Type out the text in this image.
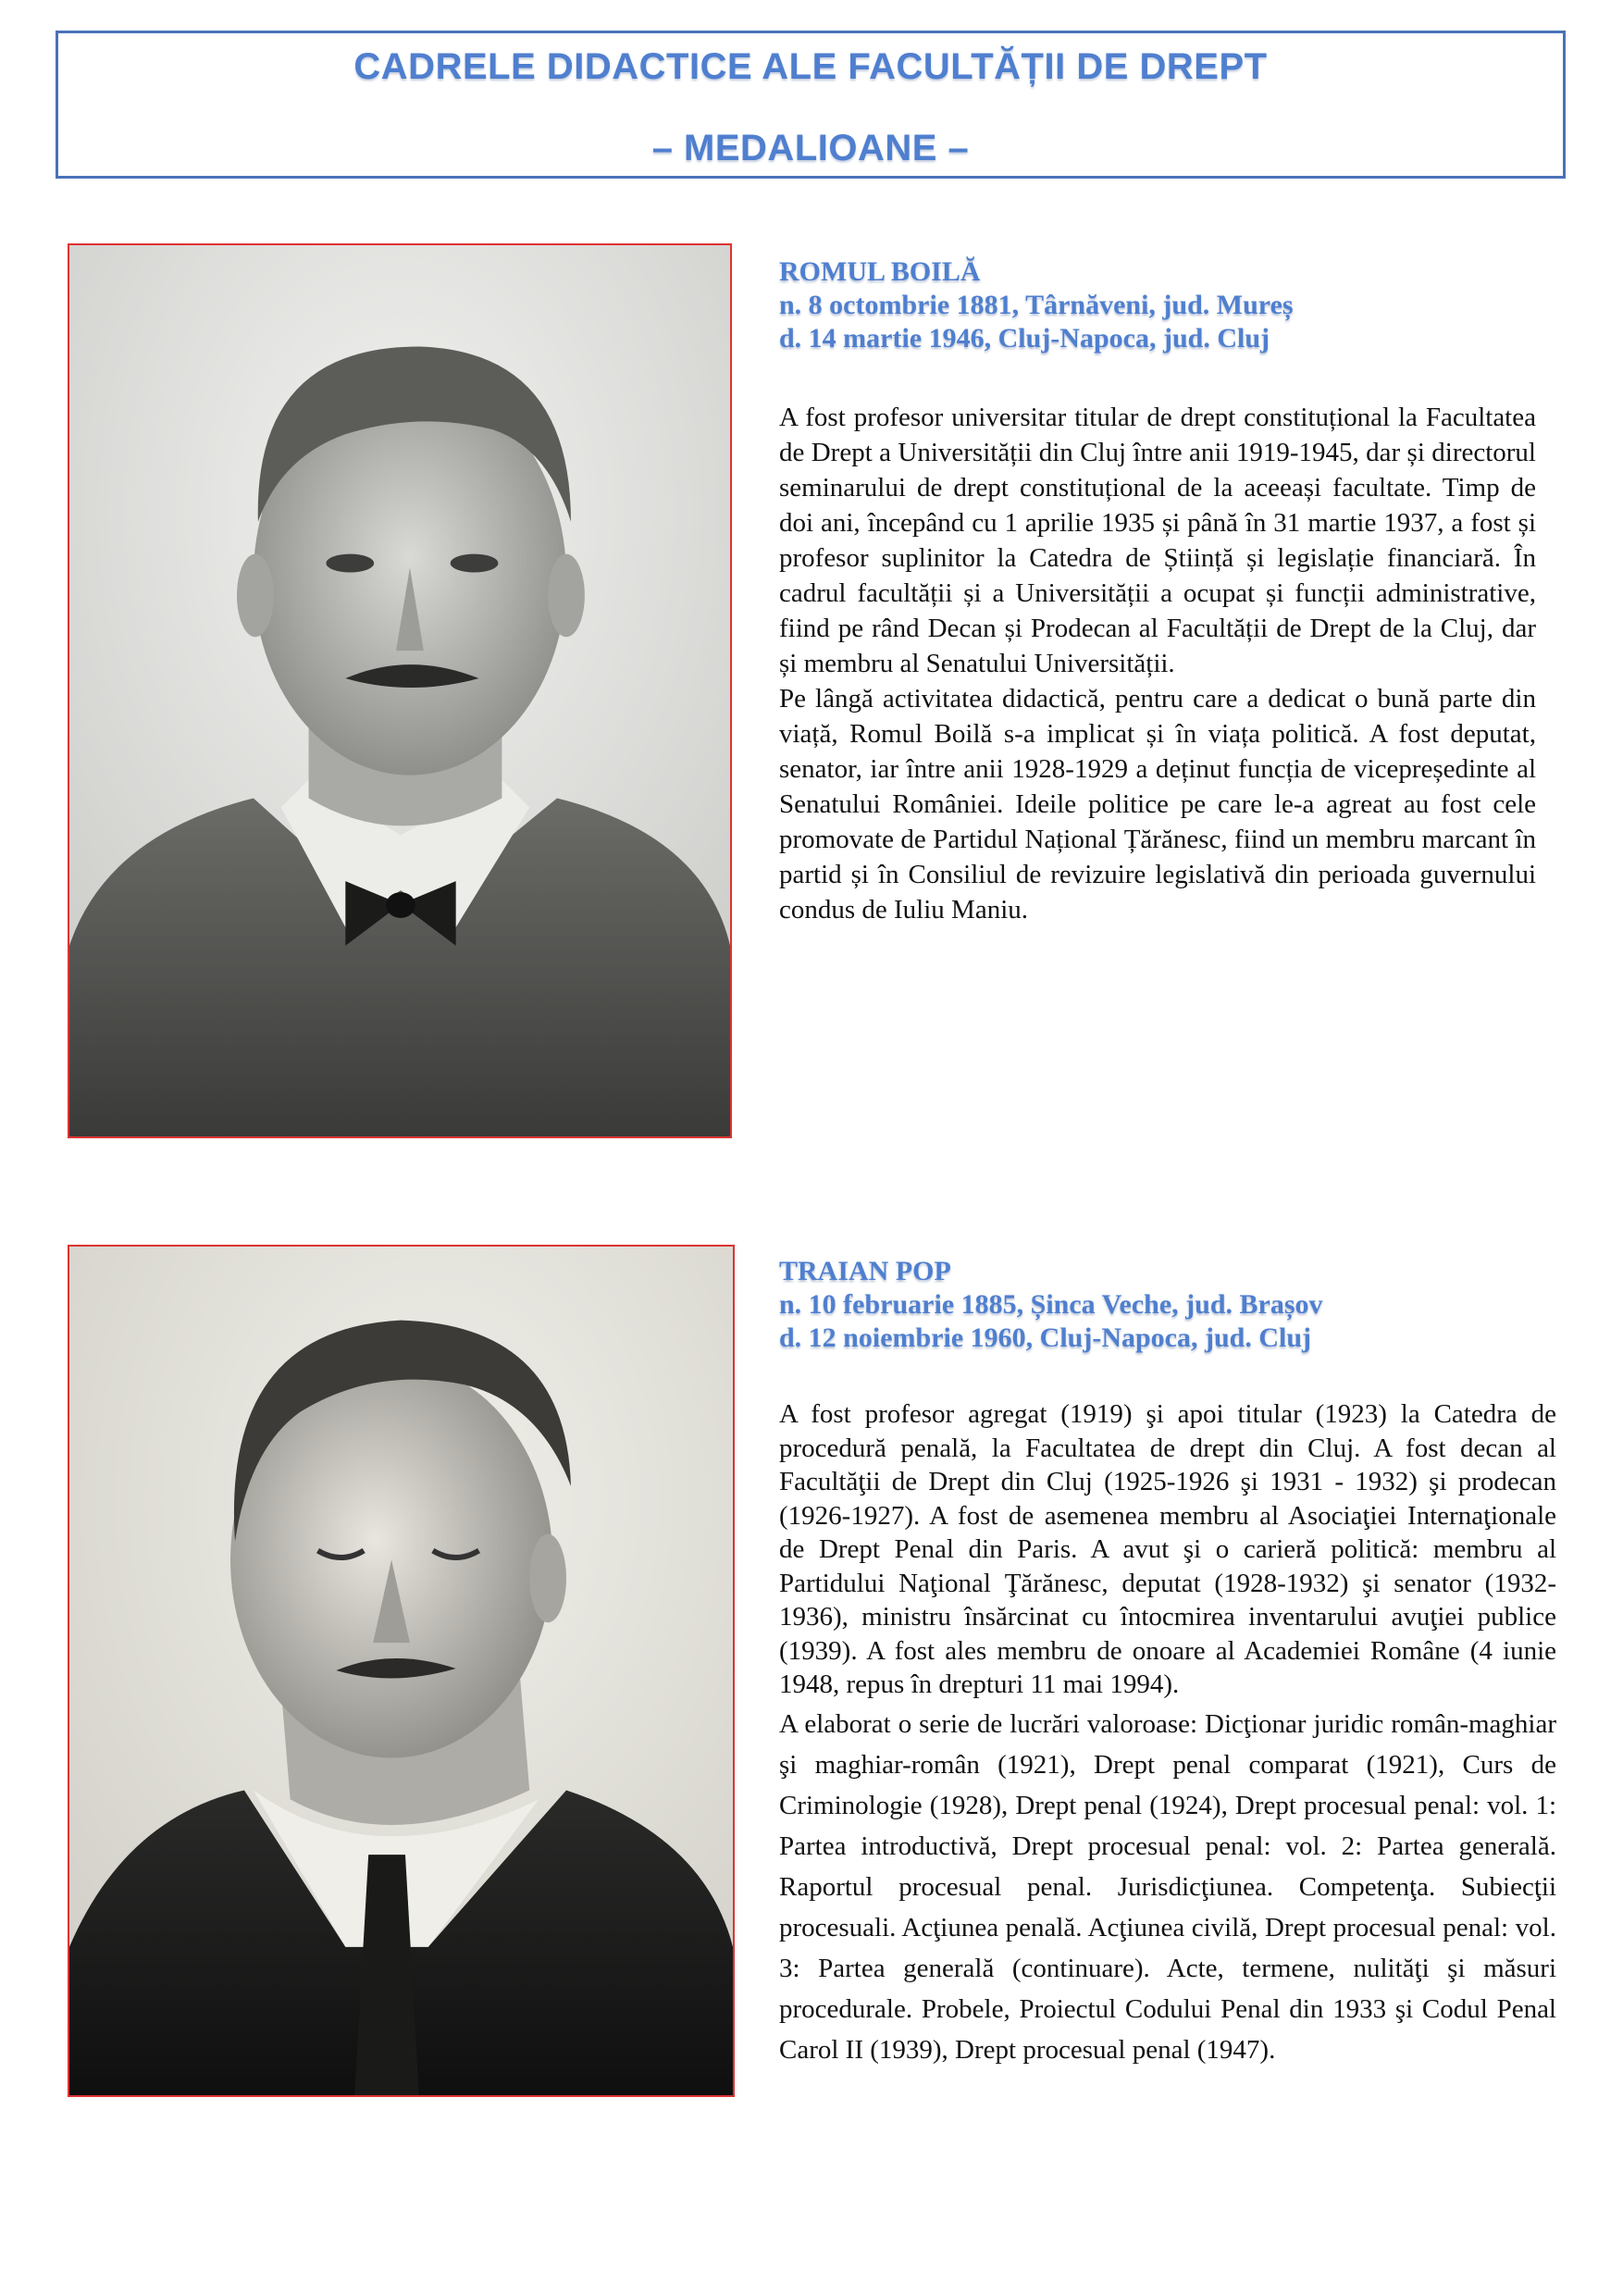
CADRELE DIDACTICE ALE FACULTĂȚII DE DREPT
– MEDALIOANE –

ROMUL BOILĂ

n. 8 octombrie 1881, Târnăveni, jud. Mureș

d. 14 martie 1946, Cluj-Napoca, jud. Cluj

A fost profesor universitar titular de drept constituțional la Facultatea de Drept a Universității din Cluj între anii 1919-1945, dar și directorul seminarului de drept constituțional de la aceeași facultate. Timp de doi ani, începând cu 1 aprilie 1935 și până în 31 martie 1937, a fost și profesor suplinitor la Catedra de Știință și legislație financiară. În cadrul facultății și a Universității a ocupat și funcții administrative, fiind pe rând Decan și Prodecan al Facultății de Drept de la Cluj, dar și membru al Senatului Universității.

Pe lângă activitatea didactică, pentru care a dedicat o bună parte din viață, Romul Boilă s-a implicat și în viața politică. A fost deputat, senator, iar între anii 1928-1929 a deținut funcția de vicepreședinte al Senatului României. Ideile politice pe care le-a agreat au fost cele promovate de Partidul Național Țărănesc, fiind un membru marcant în partid și în Consiliul de revizuire legislativă din perioada guvernului condus de Iuliu Maniu.

TRAIAN POP

n. 10 februarie 1885, Șinca Veche, jud. Brașov

d. 12 noiembrie 1960, Cluj-Napoca, jud. Cluj

A fost profesor agregat (1919) şi apoi titular (1923) la Catedra de procedură penală, la Facultatea de drept din Cluj. A fost decan al Facultăţii de Drept din Cluj (1925-1926 şi 1931 - 1932) şi prodecan (1926-1927). A fost de asemenea membru al Asociaţiei Internaţionale de Drept Penal din Paris. A avut şi o carieră politică: membru al Partidului Naţional Ţărănesc, deputat (1928-1932) şi senator (1932-1936), ministru însărcinat cu întocmirea inventarului avuţiei publice (1939). A fost ales membru de onoare al Academiei Române (4 iunie 1948, repus în drepturi 11 mai 1994).

A elaborat o serie de lucrări valoroase: Dicţionar juridic român-maghiar şi maghiar-român (1921), Drept penal comparat (1921), Curs de Criminologie (1928), Drept penal (1924), Drept procesual penal: vol. 1: Partea introductivă, Drept procesual penal: vol. 2: Partea generală. Raportul procesual penal. Jurisdicţiunea. Competenţa. Subiecţii procesuali. Acţiunea penală. Acţiunea civilă, Drept procesual penal: vol. 3: Partea generală (continuare). Acte, termene, nulităţi şi măsuri procedurale. Probele, Proiectul Codului Penal din 1933 şi Codul Penal Carol II (1939), Drept procesual penal (1947).
